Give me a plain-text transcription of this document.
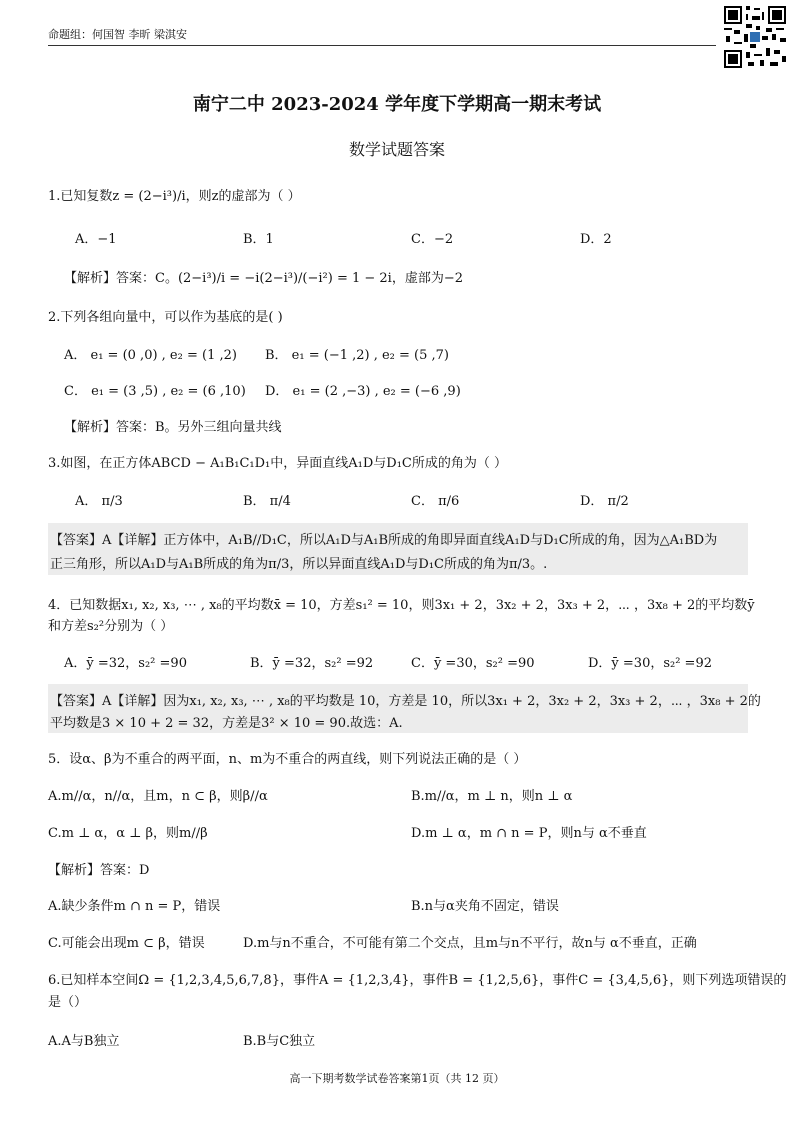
命题组：何国智 李昕 梁淇安
南宁二中 2023-2024 学年度下学期高一期末考试
数学试题答案
1.已知复数z = (2−i³)/i，则z的虚部为（ ）
A．−1	B．1	C．−2	D．2
【解析】答案：C。(2−i³)/i = −i(2−i³)/(−i²) = 1 − 2i，虚部为−2
2.下列各组向量中，可以作为基底的是( )
A． e₁ = (0 ,0) , e₂ = (1 ,2) B． e₁ = (−1 ,2) , e₂ = (5 ,7)
C． e₁ = (3 ,5) , e₂ = (6 ,10) D． e₁ = (2 ,−3) , e₂ = (−6 ,9)
【解析】答案：B。另外三组向量共线
3.如图，在正方体ABCD − A₁B₁C₁D₁中，异面直线A₁D与D₁C所成的角为（ ）
A． π/3	B． π/4	C． π/6	D． π/2
【答案】A【详解】正方体中，A₁B//D₁C，所以A₁D与A₁B所成的角即异面直线A₁D与D₁C所成的角，因为△A₁BD为
正三角形，所以A₁D与A₁B所成的角为π/3，所以异面直线A₁D与D₁C所成的角为π/3。.
4．已知数据x₁, x₂, x₃, ⋯ , x₈的平均数x̄ = 10，方差s₁² = 10，则3x₁ + 2，3x₂ + 2，3x₃ + 2，⋯ ，3x₈ + 2的平均数ȳ
和方差s₂²分别为（ ）
A．ȳ =32，s₂² =90	B．ȳ =32，s₂² =92	C．ȳ =30，s₂² =90	D．ȳ =30，s₂² =92
【答案】A【详解】因为x₁, x₂, x₃, ⋯ , x₈的平均数是 10，方差是 10，所以3x₁ + 2，3x₂ + 2，3x₃ + 2，⋯ ，3x₈ + 2的
平均数是3 × 10 + 2 = 32，方差是3² × 10 = 90.故选：A.
5．设α、β为不重合的两平面，n、m为不重合的两直线，则下列说法正确的是（ ）
A.m//α，n//α，且m，n ⊂ β，则β//α	B.m//α，m ⊥ n，则n ⊥ α
C.m ⊥ α，α ⊥ β，则m//β	D.m ⊥ α，m ∩ n = P，则n与 α不垂直
【解析】答案：D
A.缺少条件m ∩ n = P，错误	B.n与α夹角不固定，错误
C.可能会出现m ⊂ β，错误	D.m与n不重合，不可能有第二个交点，且m与n不平行，故n与 α不垂直，正确
6.已知样本空间Ω = {1,2,3,4,5,6,7,8}，事件A = {1,2,3,4}，事件B = {1,2,5,6}，事件C = {3,4,5,6}，则下列选项错误的
是（）
A.A与B独立	B.B与C独立
高一下期考数学试卷答案第1页（共 12 页）
